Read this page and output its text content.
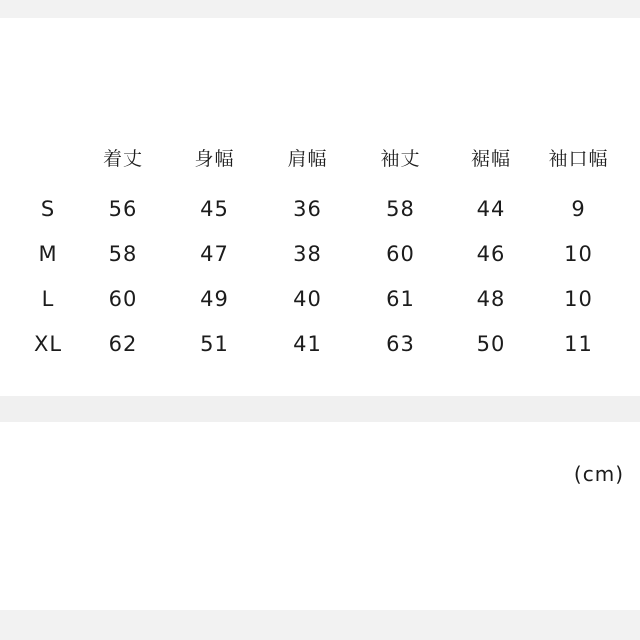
	着丈	身幅	肩幅	袖丈	裾幅	袖口幅
S	56	45	36	58	44	9
M	58	47	38	60	46	10
L	60	49	40	61	48	10
XL	62	51	41	63	50	11
(cm)
